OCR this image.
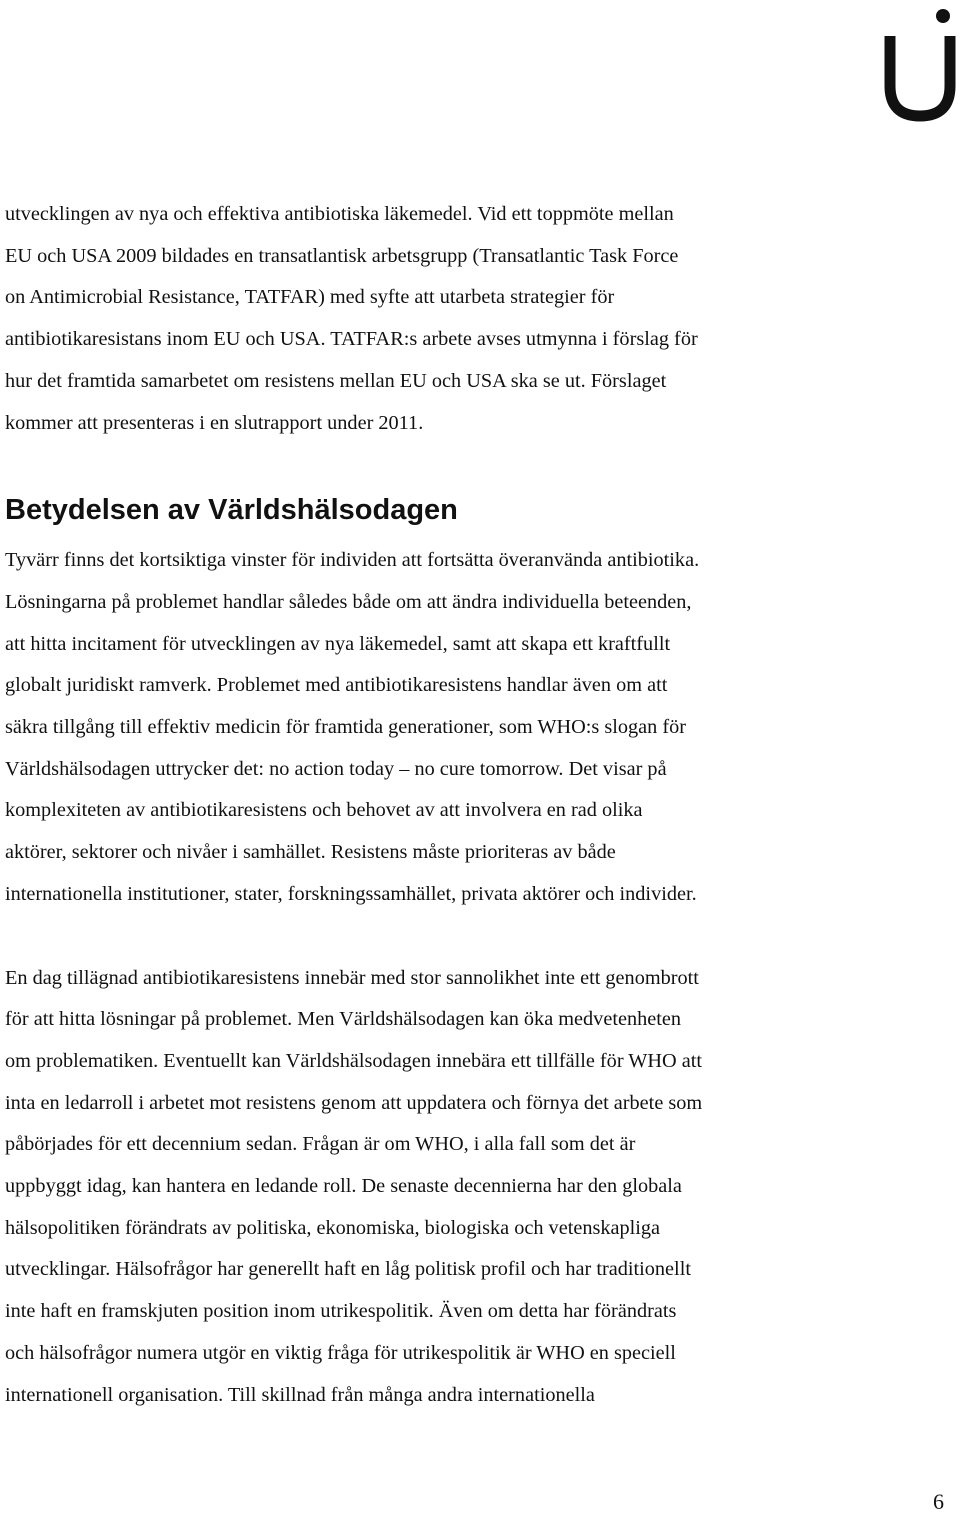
utvecklingen av nya och effektiva antibiotiska läkemedel. Vid ett toppmöte mellan
EU och USA 2009 bildades en transatlantisk arbetsgrupp (Transatlantic Task Force
on Antimicrobial Resistance, TATFAR) med syfte att utarbeta strategier för
antibiotikaresistans inom EU och USA. TATFAR:s arbete avses utmynna i förslag för
hur det framtida samarbetet om resistens mellan EU och USA ska se ut. Förslaget
kommer att presenteras i en slutrapport under 2011.

Betydelsen av Världshälsodagen

Tyvärr finns det kortsiktiga vinster för individen att fortsätta överanvända antibiotika.
Lösningarna på problemet handlar således både om att ändra individuella beteenden,
att hitta incitament för utvecklingen av nya läkemedel, samt att skapa ett kraftfullt
globalt juridiskt ramverk. Problemet med antibiotikaresistens handlar även om att
säkra tillgång till effektiv medicin för framtida generationer, som WHO:s slogan för
Världshälsodagen uttrycker det: no action today – no cure tomorrow. Det visar på
komplexiteten av antibiotikaresistens och behovet av att involvera en rad olika
aktörer, sektorer och nivåer i samhället. Resistens måste prioriteras av både
internationella institutioner, stater, forskningssamhället, privata aktörer och individer.

En dag tillägnad antibiotikaresistens innebär med stor sannolikhet inte ett genombrott
för att hitta lösningar på problemet. Men Världshälsodagen kan öka medvetenheten
om problematiken. Eventuellt kan Världshälsodagen innebära ett tillfälle för WHO att
inta en ledarroll i arbetet mot resistens genom att uppdatera och förnya det arbete som
påbörjades för ett decennium sedan. Frågan är om WHO, i alla fall som det är
uppbyggt idag, kan hantera en ledande roll. De senaste decennierna har den globala
hälsopolitiken förändrats av politiska, ekonomiska, biologiska och vetenskapliga
utvecklingar. Hälsofrågor har generellt haft en låg politisk profil och har traditionellt
inte haft en framskjuten position inom utrikespolitik. Även om detta har förändrats
och hälsofrågor numera utgör en viktig fråga för utrikespolitik är WHO en speciell
internationell organisation. Till skillnad från många andra internationella

6
